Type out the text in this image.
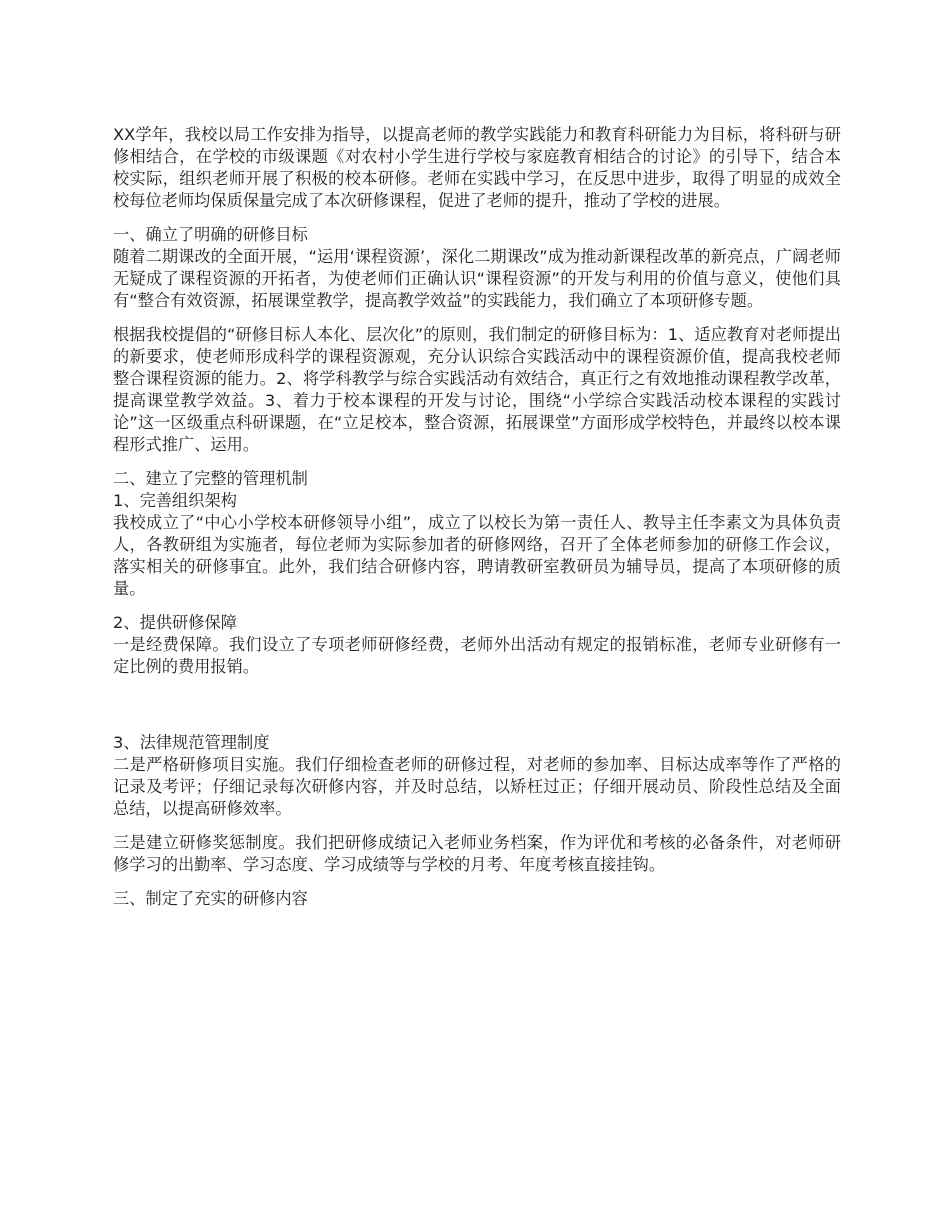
XX学年，我校以局工作安排为指导，以提高老师的教学实践能力和教育科研能力为目标，将科研与研修相结合，在学校的市级课题《对农村小学生进行学校与家庭教育相结合的讨论》的引导下，结合本校实际，组织老师开展了积极的校本研修。老师在实践中学习，在反思中进步，取得了明显的成效全校每位老师均保质保量完成了本次研修课程，促进了老师的提升，推动了学校的进展。

一、确立了明确的研修目标

随着二期课改的全面开展，“运用‘课程资源’，深化二期课改”成为推动新课程改革的新亮点，广阔老师无疑成了课程资源的开拓者，为使老师们正确认识“课程资源”的开发与利用的价值与意义，使他们具有“整合有效资源，拓展课堂教学，提高教学效益”的实践能力，我们确立了本项研修专题。

根据我校提倡的“研修目标人本化、层次化”的原则，我们制定的研修目标为：1、适应教育对老师提出的新要求，使老师形成科学的课程资源观，充分认识综合实践活动中的课程资源价值，提高我校老师整合课程资源的能力。2、将学科教学与综合实践活动有效结合，真正行之有效地推动课程教学改革，提高课堂教学效益。3、着力于校本课程的开发与讨论，围绕“小学综合实践活动校本课程的实践讨论”这一区级重点科研课题，在“立足校本，整合资源，拓展课堂”方面形成学校特色，并最终以校本课程形式推广、运用。

二、建立了完整的管理机制

1、完善组织架构

我校成立了“中心小学校本研修领导小组”，成立了以校长为第一责任人、教导主任李素文为具体负责人，各教研组为实施者，每位老师为实际参加者的研修网络，召开了全体老师参加的研修工作会议，落实相关的研修事宜。此外，我们结合研修内容，聘请教研室教研员为辅导员，提高了本项研修的质量。

2、提供研修保障

一是经费保障。我们设立了专项老师研修经费，老师外出活动有规定的报销标准，老师专业研修有一定比例的费用报销。

3、法律规范管理制度

二是严格研修项目实施。我们仔细检查老师的研修过程，对老师的参加率、目标达成率等作了严格的记录及考评；仔细记录每次研修内容，并及时总结，以矫枉过正；仔细开展动员、阶段性总结及全面总结，以提高研修效率。

三是建立研修奖惩制度。我们把研修成绩记入老师业务档案，作为评优和考核的必备条件，对老师研修学习的出勤率、学习态度、学习成绩等与学校的月考、年度考核直接挂钩。

三、制定了充实的研修内容
